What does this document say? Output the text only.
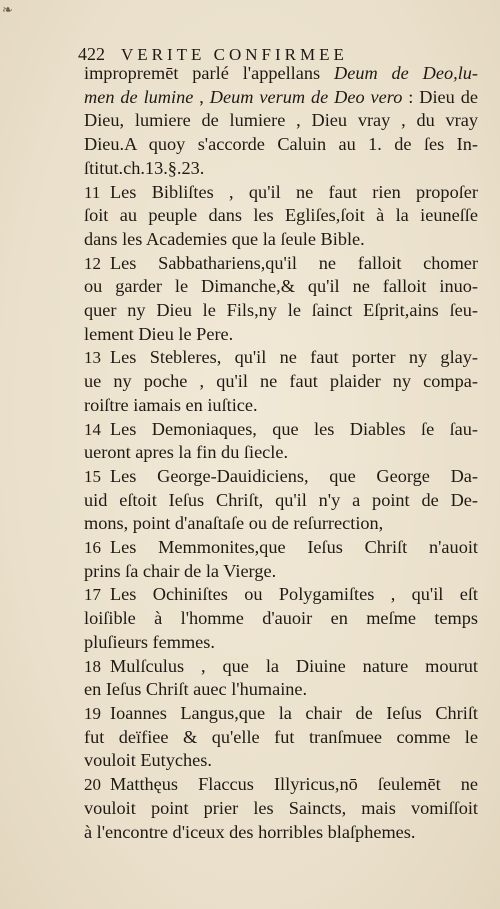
❧
422 VERITE CONFIRMEE
impropremēt parlé l'appellans Deum de Deo,lu-
men de lumine , Deum verum de Deo vero : Dieu de
Dieu, lumiere de lumiere , Dieu vray , du vray
Dieu.A quoy s'accorde Caluin au 1. de ſes In-
ſtitut.ch.13.§.23.
11 Les Bibliſtes , qu'il ne faut rien propoſer
ſoit au peuple dans les Egliſes,ſoit à la ieuneſſe
dans les Academies que la ſeule Bible.
12 Les Sabbathariens,qu'il ne falloit chomer
ou garder le Dimanche,& qu'il ne falloit inuo-
quer ny Dieu le Fils,ny le ſainct Eſprit,ains ſeu-
lement Dieu le Pere.
13 Les Stebleres, qu'il ne faut porter ny glay-
ue ny poche , qu'il ne faut plaider ny compa-
roiſtre iamais en iuſtice.
14 Les Demoniaques, que les Diables ſe ſau-
ueront apres la fin du ſiecle.
15 Les George-Dauidiciens, que George Da-
uid eſtoit Ieſus Chriſt, qu'il n'y a point de De-
mons, point d'anaſtaſe ou de reſurrection,
16 Les Memmonites,que Ieſus Chriſt n'auoit
prins ſa chair de la Vierge.
17 Les Ochiniſtes ou Polygamiſtes , qu'il eſt
loiſible à l'homme d'auoir en meſme temps
pluſieurs femmes.
18 Mulſculus , que la Diuine nature mourut
en Ieſus Chriſt auec l'humaine.
19 Ioannes Langus,que la chair de Ieſus Chriſt
fut deïfiee & qu'elle fut tranſmuee comme le
vouloit Eutyches.
20 Matthęus Flaccus Illyricus,nō ſeulemēt ne
vouloit point prier les Saincts, mais vomiſſoit
à l'encontre d'iceux des horribles blaſphemes.
